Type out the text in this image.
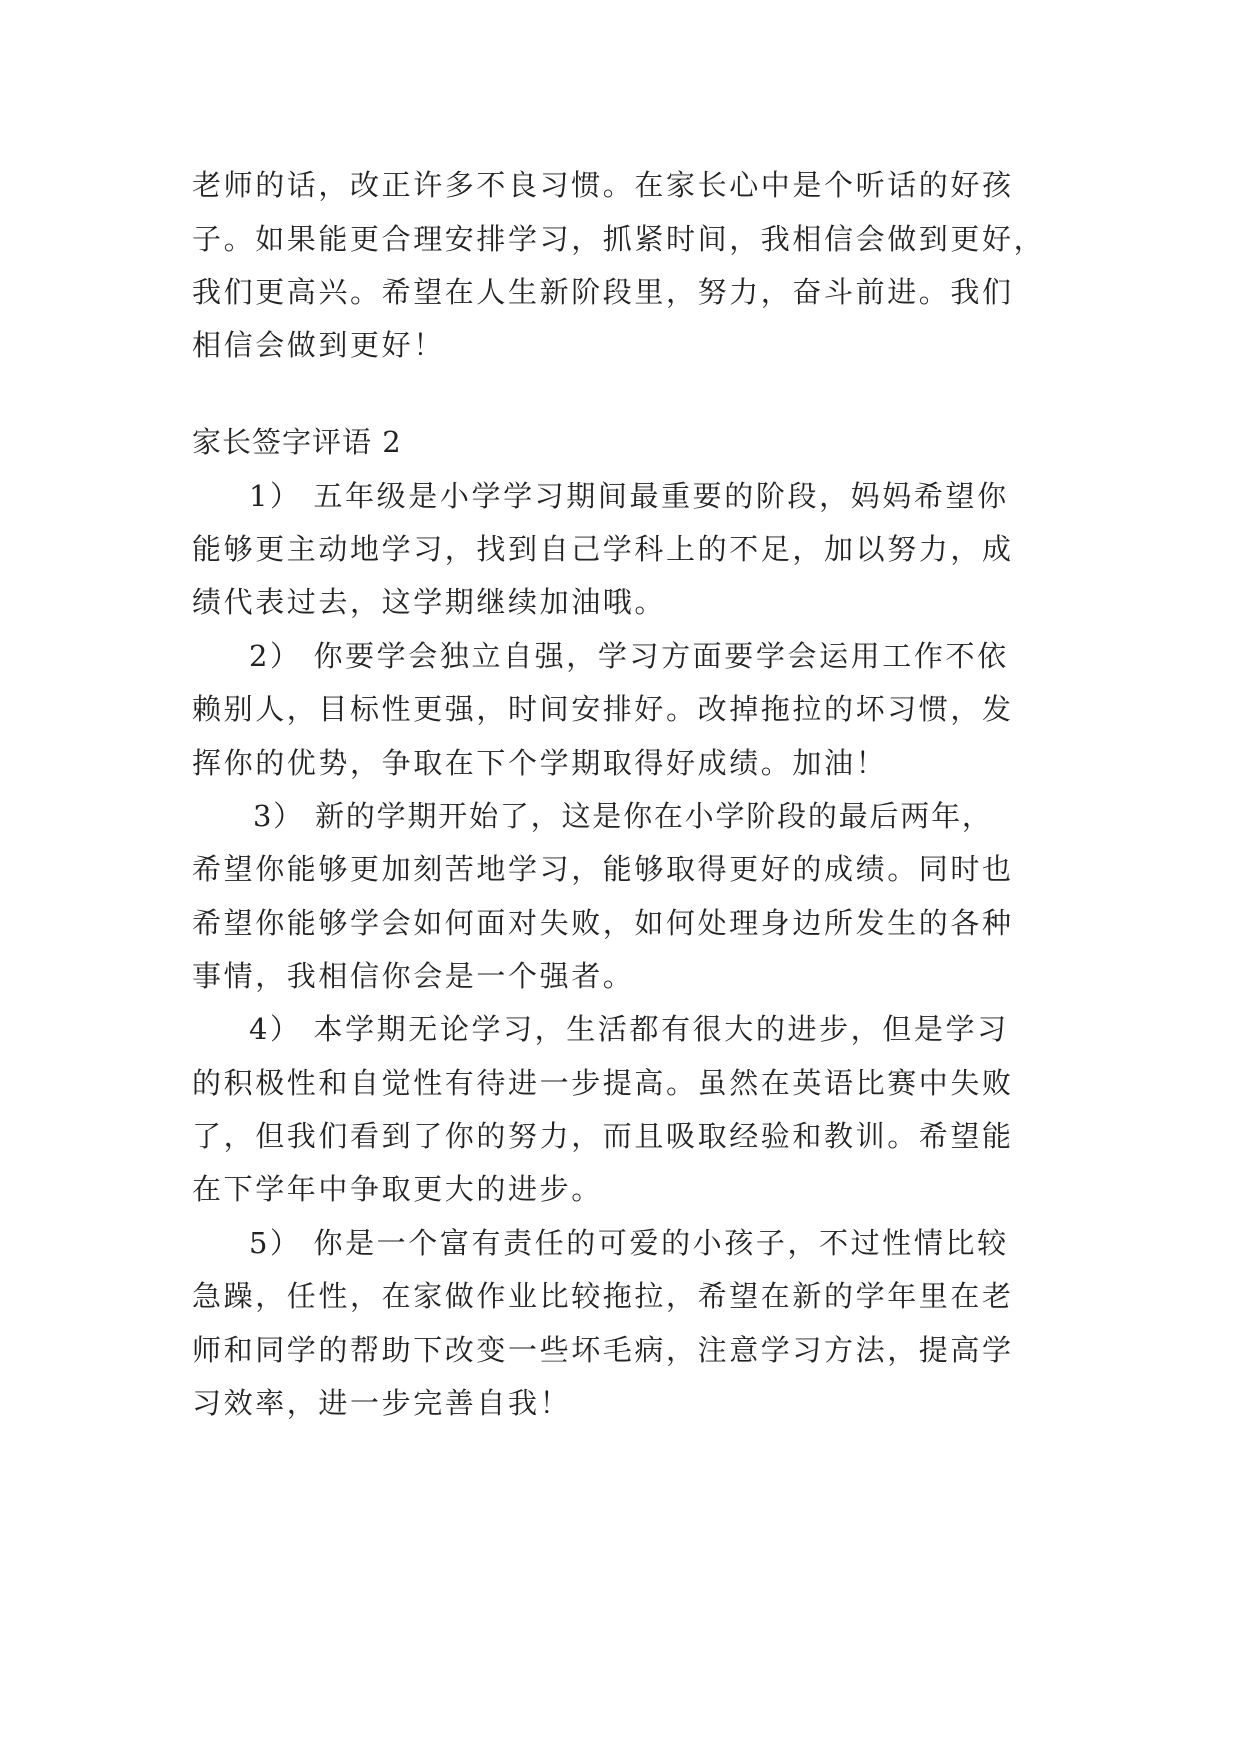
老师的话，改正许多不良习惯。在家长心中是个听话的好孩
子。如果能更合理安排学习，抓紧时间，我相信会做到更好，
我们更高兴。希望在人生新阶段里，努力，奋斗前进。我们
相信会做到更好！
家长签字评语 2
1） 五年级是小学学习期间最重要的阶段，妈妈希望你
能够更主动地学习，找到自己学科上的不足，加以努力，成
绩代表过去，这学期继续加油哦。
2） 你要学会独立自强，学习方面要学会运用工作不依
赖别人，目标性更强，时间安排好。改掉拖拉的坏习惯，发
挥你的优势，争取在下个学期取得好成绩。加油！
3） 新的学期开始了，这是你在小学阶段的最后两年，
希望你能够更加刻苦地学习，能够取得更好的成绩。同时也
希望你能够学会如何面对失败，如何处理身边所发生的各种
事情，我相信你会是一个强者。
4） 本学期无论学习，生活都有很大的进步，但是学习
的积极性和自觉性有待进一步提高。虽然在英语比赛中失败
了，但我们看到了你的努力，而且吸取经验和教训。希望能
在下学年中争取更大的进步。
5） 你是一个富有责任的可爱的小孩子，不过性情比较
急躁，任性，在家做作业比较拖拉，希望在新的学年里在老
师和同学的帮助下改变一些坏毛病，注意学习方法，提高学
习效率，进一步完善自我！
